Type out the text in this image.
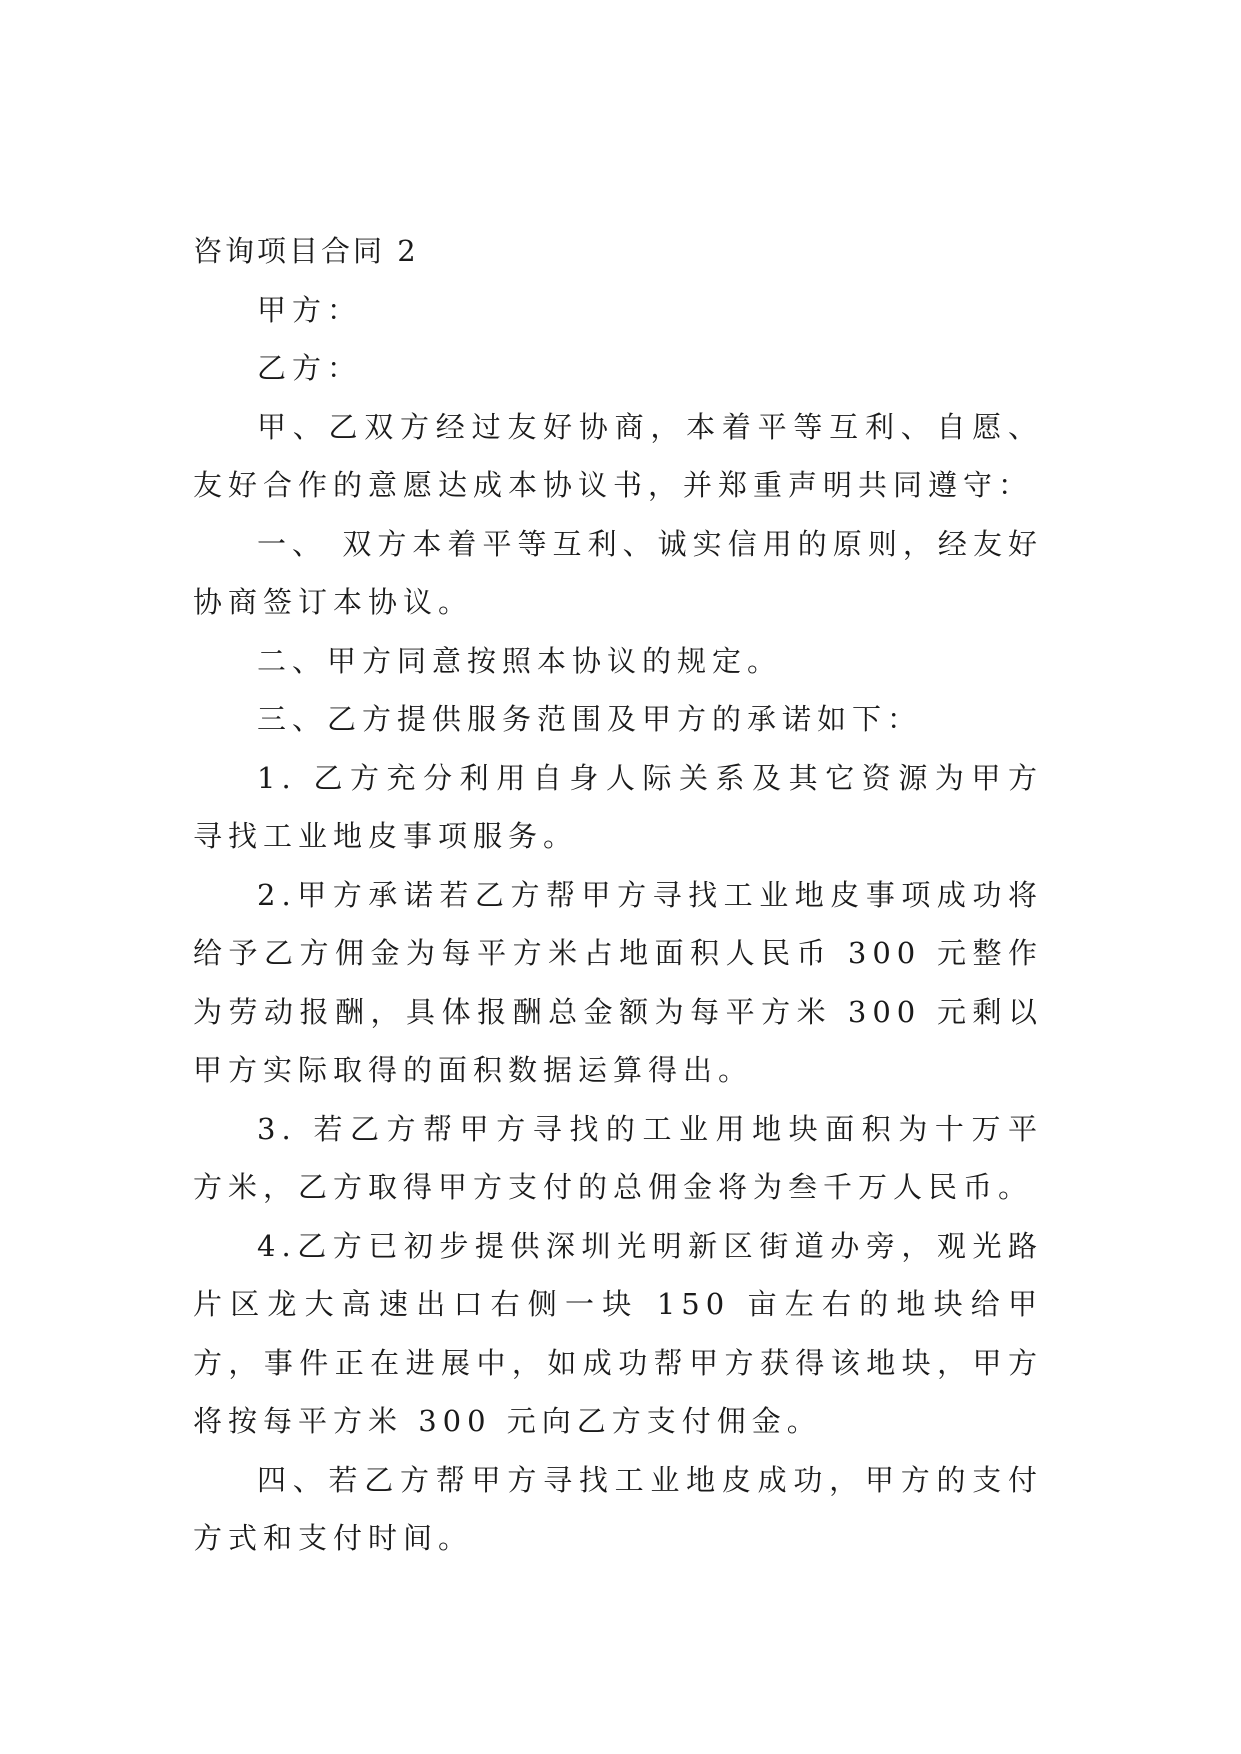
咨询项目合同 2

甲方：

乙方：

甲、乙双方经过友好协商，本着平等互利、自愿、友好合作的意愿达成本协议书，并郑重声明共同遵守：

一、 双方本着平等互利、诚实信用的原则，经友好协商签订本协议。

二、甲方同意按照本协议的规定。

三、乙方提供服务范围及甲方的承诺如下：

1. 乙方充分利用自身人际关系及其它资源为甲方寻找工业地皮事项服务。

2.甲方承诺若乙方帮甲方寻找工业地皮事项成功将给予乙方佣金为每平方米占地面积人民币 300 元整作为劳动报酬，具体报酬总金额为每平方米 300 元剩以甲方实际取得的面积数据运算得出。

3. 若乙方帮甲方寻找的工业用地块面积为十万平方米，乙方取得甲方支付的总佣金将为叁千万人民币。

4.乙方已初步提供深圳光明新区街道办旁，观光路片区龙大高速出口右侧一块 150 亩左右的地块给甲方，事件正在进展中，如成功帮甲方获得该地块，甲方将按每平方米 300 元向乙方支付佣金。

四、若乙方帮甲方寻找工业地皮成功，甲方的支付方式和支付时间。
